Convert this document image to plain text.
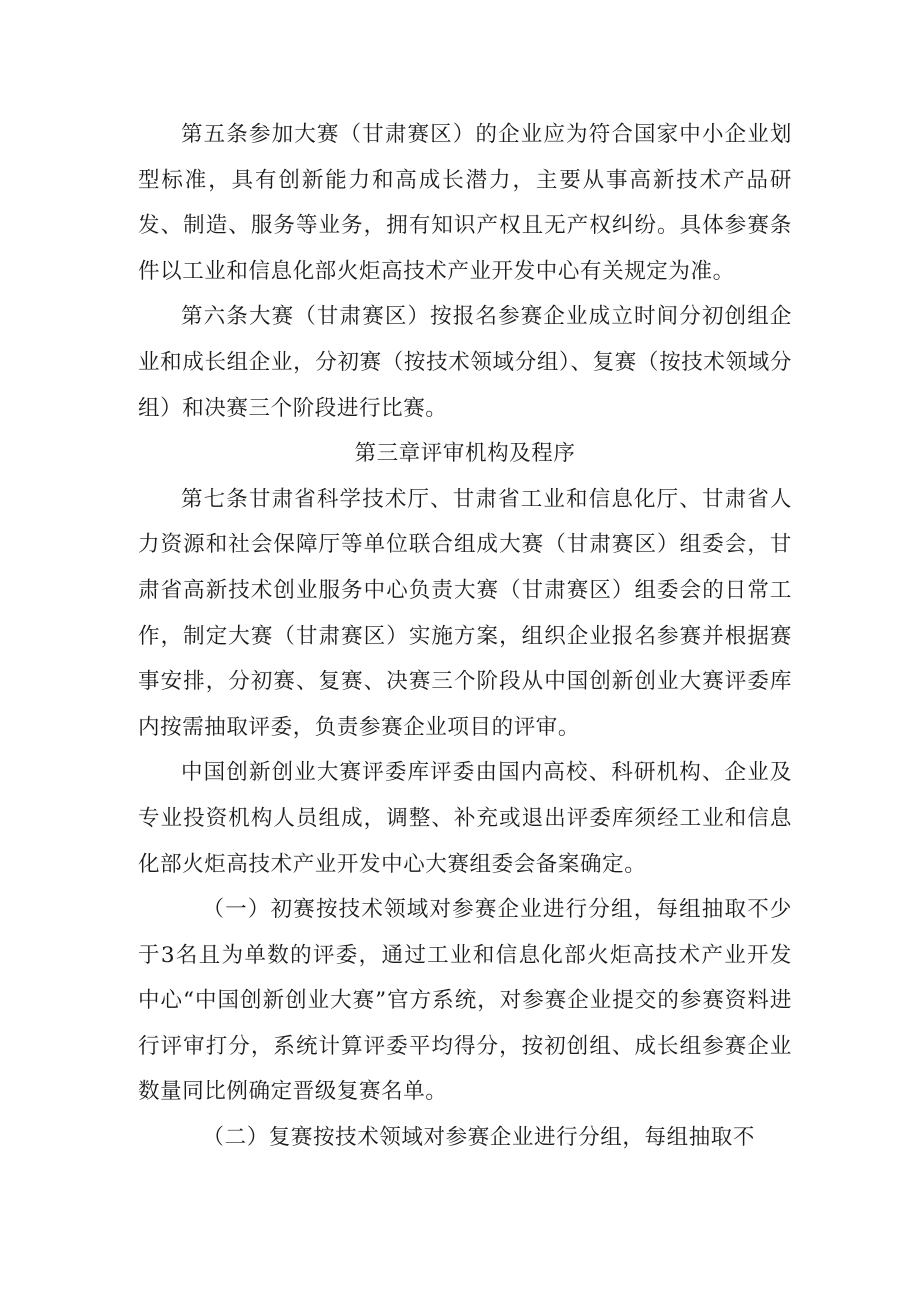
第五条参加大赛（甘肃赛区）的企业应为符合国家中小企业划型标准，具有创新能力和高成长潜力，主要从事高新技术产品研发、制造、服务等业务，拥有知识产权且无产权纠纷。具体参赛条件以工业和信息化部火炬高技术产业开发中心有关规定为准。

第六条大赛（甘肃赛区）按报名参赛企业成立时间分初创组企业和成长组企业，分初赛（按技术领域分组）、复赛（按技术领域分组）和决赛三个阶段进行比赛。

第三章评审机构及程序

第七条甘肃省科学技术厅、甘肃省工业和信息化厅、甘肃省人力资源和社会保障厅等单位联合组成大赛（甘肃赛区）组委会，甘肃省高新技术创业服务中心负责大赛（甘肃赛区）组委会的日常工作，制定大赛（甘肃赛区）实施方案，组织企业报名参赛并根据赛事安排，分初赛、复赛、决赛三个阶段从中国创新创业大赛评委库内按需抽取评委，负责参赛企业项目的评审。

中国创新创业大赛评委库评委由国内高校、科研机构、企业及专业投资机构人员组成，调整、补充或退出评委库须经工业和信息化部火炬高技术产业开发中心大赛组委会备案确定。

（一）初赛按技术领域对参赛企业进行分组，每组抽取不少于3名且为单数的评委，通过工业和信息化部火炬高技术产业开发中心“中国创新创业大赛”官方系统，对参赛企业提交的参赛资料进行评审打分，系统计算评委平均得分，按初创组、成长组参赛企业数量同比例确定晋级复赛名单。

（二）复赛按技术领域对参赛企业进行分组，每组抽取不
